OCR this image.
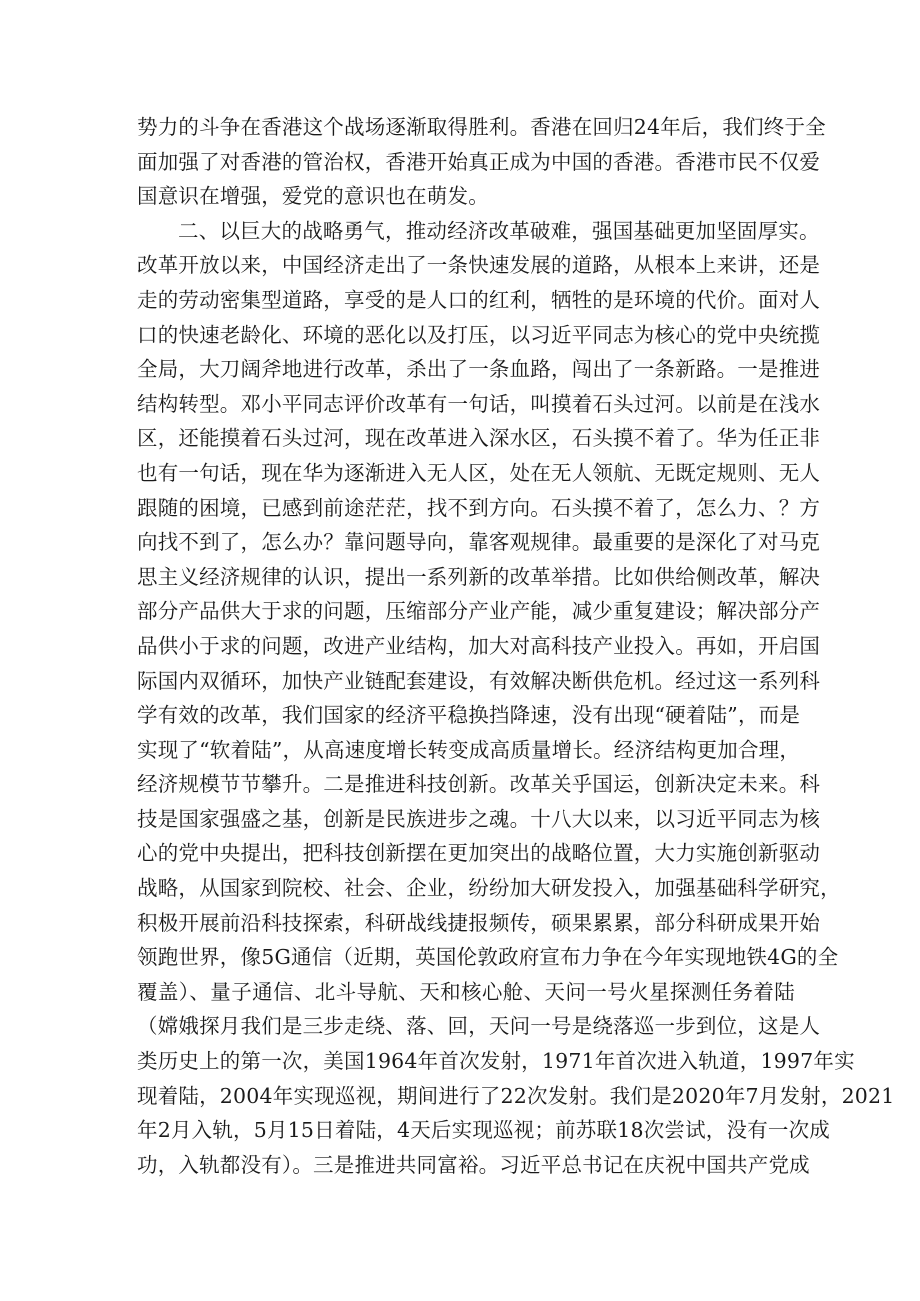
势力的斗争在香港这个战场逐渐取得胜利。香港在回归24年后，我们终于全
面加强了对香港的管治权，香港开始真正成为中国的香港。香港市民不仅爱
国意识在增强，爱党的意识也在萌发。
二、以巨大的战略勇气，推动经济改革破难，强国基础更加坚固厚实。
改革开放以来，中国经济走出了一条快速发展的道路，从根本上来讲，还是
走的劳动密集型道路，享受的是人口的红利，牺牲的是环境的代价。面对人
口的快速老龄化、环境的恶化以及打压，以习近平同志为核心的党中央统揽
全局，大刀阔斧地进行改革，杀出了一条血路，闯出了一条新路。一是推进
结构转型。邓小平同志评价改革有一句话，叫摸着石头过河。以前是在浅水
区，还能摸着石头过河，现在改革进入深水区，石头摸不着了。华为任正非
也有一句话，现在华为逐渐进入无人区，处在无人领航、无既定规则、无人
跟随的困境，已感到前途茫茫，找不到方向。石头摸不着了，怎么力、？方
向找不到了，怎么办？靠问题导向，靠客观规律。最重要的是深化了对马克
思主义经济规律的认识，提出一系列新的改革举措。比如供给侧改革，解决
部分产品供大于求的问题，压缩部分产业产能，减少重复建设；解决部分产
品供小于求的问题，改进产业结构，加大对高科技产业投入。再如，开启国
际国内双循环，加快产业链配套建设，有效解决断供危机。经过这一系列科
学有效的改革，我们国家的经济平稳换挡降速，没有出现“硬着陆”，而是
实现了“软着陆”，从高速度增长转变成高质量增长。经济结构更加合理，
经济规模节节攀升。二是推进科技创新。改革关乎国运，创新决定未来。科
技是国家强盛之基，创新是民族进步之魂。十八大以来，以习近平同志为核
心的党中央提出，把科技创新摆在更加突出的战略位置，大力实施创新驱动
战略，从国家到院校、社会、企业，纷纷加大研发投入，加强基础科学研究，
积极开展前沿科技探索，科研战线捷报频传，硕果累累，部分科研成果开始
领跑世界，像5G通信（近期，英国伦敦政府宣布力争在今年实现地铁4G的全
覆盖）、量子通信、北斗导航、天和核心舱、天问一号火星探测任务着陆
（嫦娥探月我们是三步走绕、落、回，天问一号是绕落巡一步到位，这是人
类历史上的第一次，美国1964年首次发射，1971年首次进入轨道，1997年实
现着陆，2004年实现巡视，期间进行了22次发射。我们是2020年7月发射，2021
年2月入轨，5月15日着陆，4天后实现巡视；前苏联18次尝试，没有一次成
功，入轨都没有）。三是推进共同富裕。习近平总书记在庆祝中国共产党成
